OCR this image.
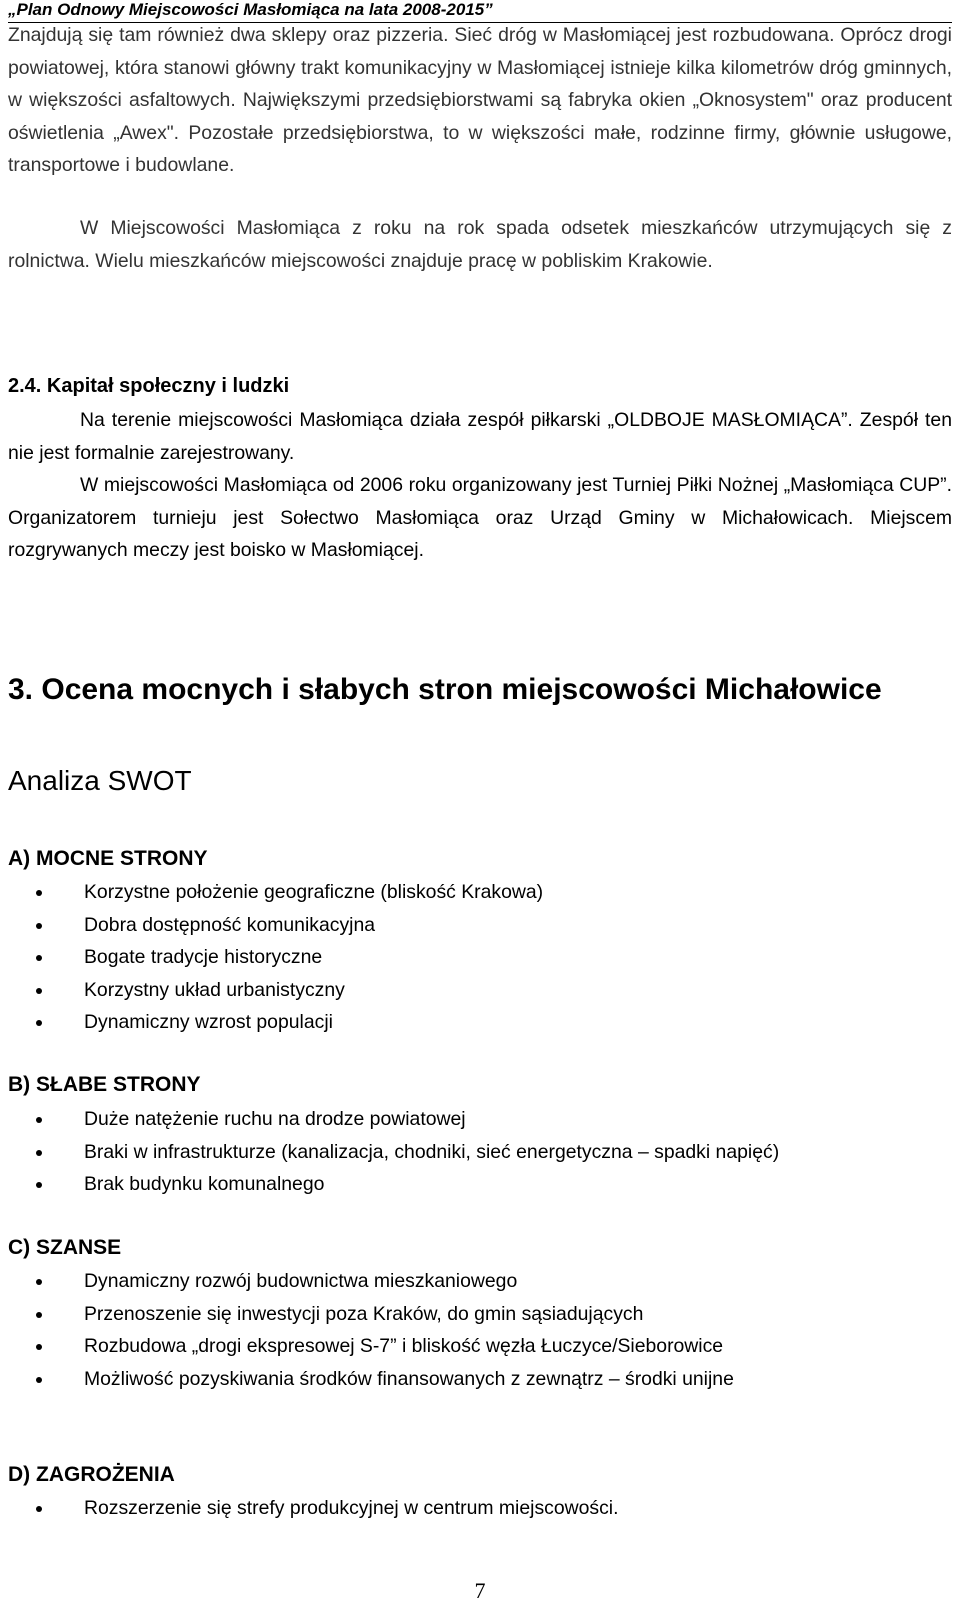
„Plan Odnowy Miejscowości Masłomiąca na lata 2008-2015”
Znajdują się tam również dwa sklepy oraz pizzeria. Sieć dróg w Masłomiącej jest rozbudowana. Oprócz drogi powiatowej, która stanowi główny trakt komunikacyjny w Masłomiącej istnieje kilka kilometrów dróg gminnych, w większości asfaltowych. Największymi przedsiębiorstwami są fabryka okien „Oknosystem" oraz producent oświetlenia „Awex". Pozostałe przedsiębiorstwa, to w większości małe, rodzinne firmy, głównie usługowe, transportowe i budowlane.
W Miejscowości Masłomiąca z roku na rok spada odsetek mieszkańców utrzymujących się z rolnictwa. Wielu mieszkańców miejscowości znajduje pracę w pobliskim Krakowie.
2.4. Kapitał społeczny i ludzki
Na terenie miejscowości Masłomiąca działa zespół piłkarski „OLDBOJE MASŁOMIĄCA”. Zespół ten nie jest formalnie zarejestrowany.
W miejscowości Masłomiąca od 2006 roku organizowany jest Turniej Piłki Nożnej „Masłomiąca CUP”. Organizatorem turnieju jest Sołectwo Masłomiąca oraz Urząd Gminy w Michałowicach. Miejscem rozgrywanych meczy jest boisko w Masłomiącej.
3. Ocena mocnych i słabych stron miejscowości Michałowice
Analiza SWOT
A) MOCNE STRONY
Korzystne położenie geograficzne (bliskość Krakowa)
Dobra dostępność komunikacyjna
Bogate tradycje historyczne
Korzystny układ urbanistyczny
Dynamiczny wzrost populacji
B) SŁABE STRONY
Duże natężenie ruchu na drodze powiatowej
Braki w infrastrukturze (kanalizacja, chodniki, sieć energetyczna – spadki napięć)
Brak budynku komunalnego
C) SZANSE
Dynamiczny rozwój budownictwa mieszkaniowego
Przenoszenie się inwestycji poza Kraków, do gmin sąsiadujących
Rozbudowa „drogi ekspresowej S-7” i bliskość węzła Łuczyce/Sieborowice
Możliwość pozyskiwania środków finansowanych z zewnątrz – środki unijne
D) ZAGROŻENIA
Rozszerzenie się strefy produkcyjnej w centrum miejscowości.
7
